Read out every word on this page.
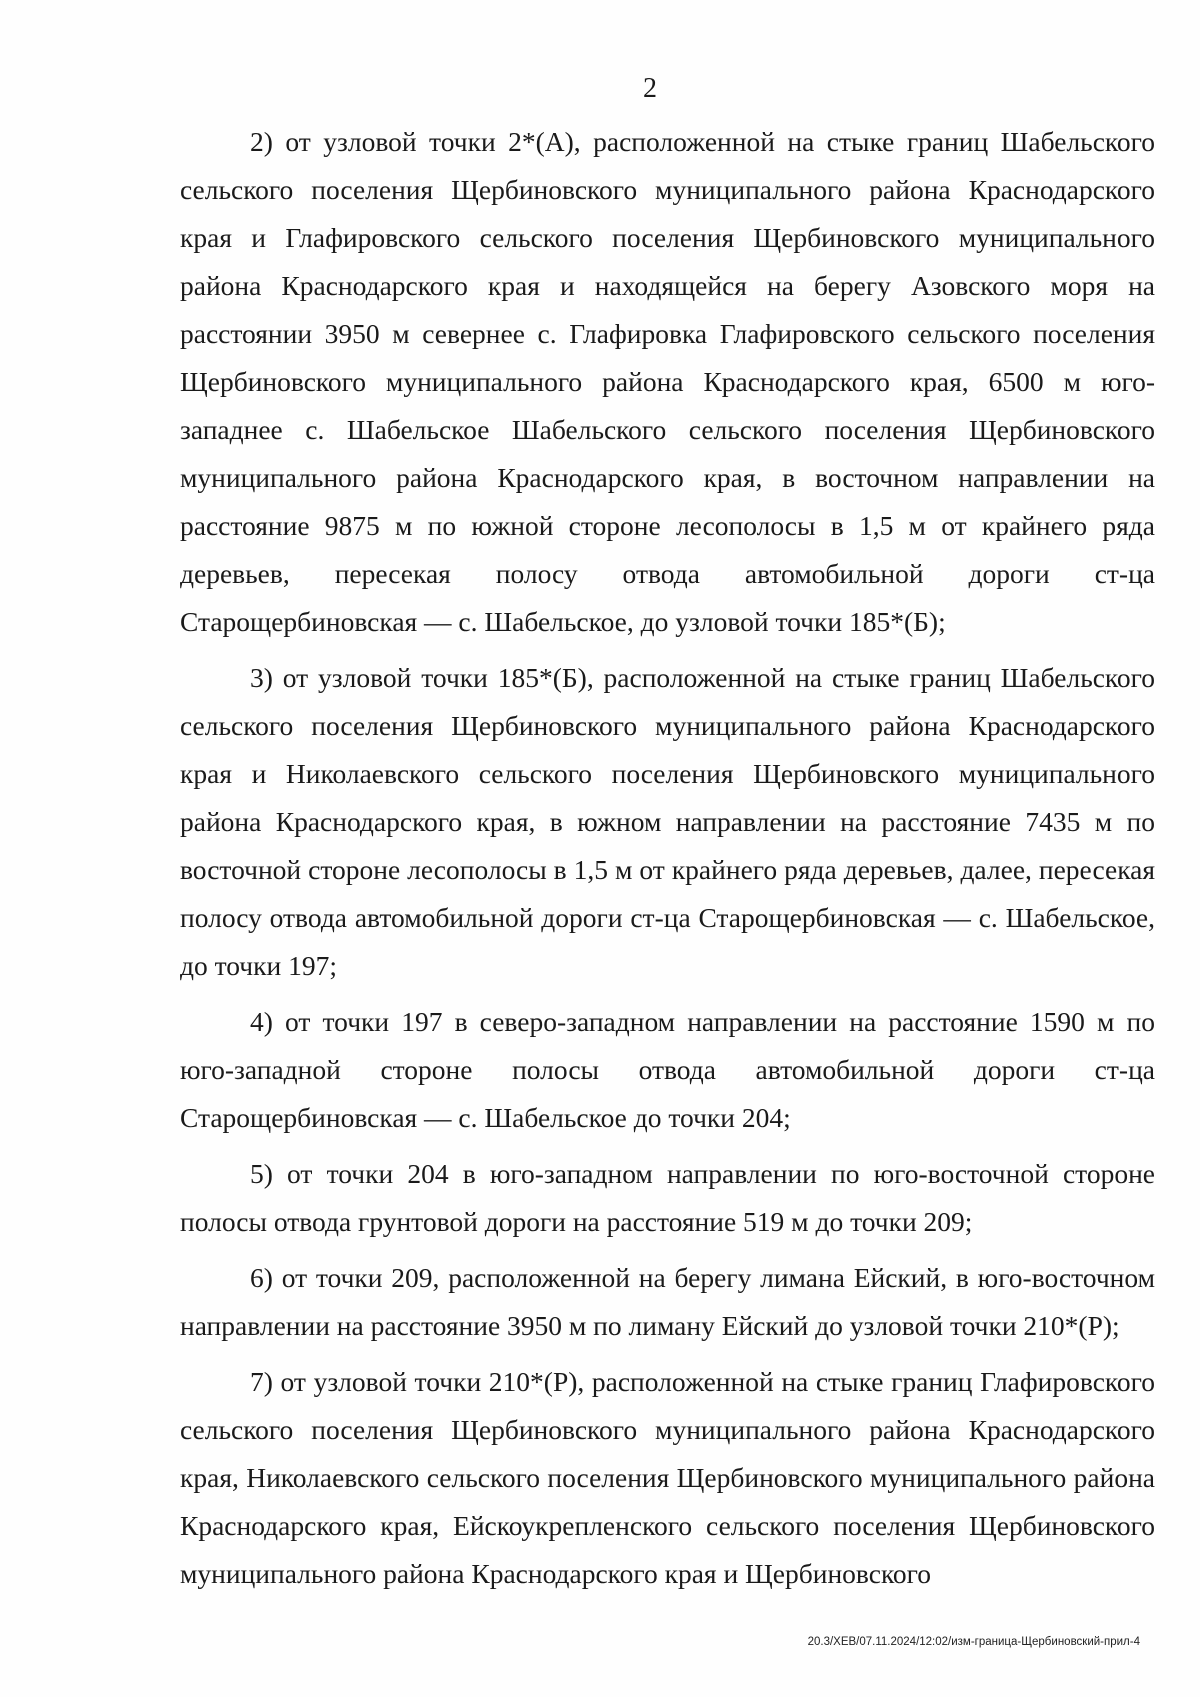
2

2) от узловой точки 2*(А), расположенной на стыке границ Шабельского сельского поселения Щербиновского муниципального района Краснодарского края и Глафировского сельского поселения Щербиновского муниципального района Краснодарского края и находящейся на берегу Азовского моря на расстоянии 3950 м севернее с. Глафировка Глафировского сельского поселения Щербиновского муниципального района Краснодарского края, 6500 м юго-западнее с. Шабельское Шабельского сельского поселения Щербиновского муниципального района Краснодарского края, в восточном направлении на расстояние 9875 м по южной стороне лесополосы в 1,5 м от крайнего ряда деревьев, пересекая полосу отвода автомобильной дороги ст-ца Старощербиновская — с. Шабельское, до узловой точки 185*(Б);

3) от узловой точки 185*(Б), расположенной на стыке границ Шабельского сельского поселения Щербиновского муниципального района Краснодарского края и Николаевского сельского поселения Щербиновского муниципального района Краснодарского края, в южном направлении на расстояние 7435 м по восточной стороне лесополосы в 1,5 м от крайнего ряда деревьев, далее, пересекая полосу отвода автомобильной дороги ст-ца Старощербиновская — с. Шабельское, до точки 197;

4) от точки 197 в северо-западном направлении на расстояние 1590 м по юго-западной стороне полосы отвода автомобильной дороги ст-ца Старощербиновская — с. Шабельское до точки 204;

5) от точки 204 в юго-западном направлении по юго-восточной стороне полосы отвода грунтовой дороги на расстояние 519 м до точки 209;

6) от точки 209, расположенной на берегу лимана Ейский, в юго-восточном направлении на расстояние 3950 м по лиману Ейский до узловой точки 210*(Р);

7) от узловой точки 210*(Р), расположенной на стыке границ Глафировского сельского поселения Щербиновского муниципального района Краснодарского края, Николаевского сельского поселения Щербиновского муниципального района Краснодарского края, Ейскоукрепленского сельского поселения Щербиновского муниципального района Краснодарского края и Щербиновского

20.3/ХЕВ/07.11.2024/12:02/изм-граница-Щербиновский-прил-4
